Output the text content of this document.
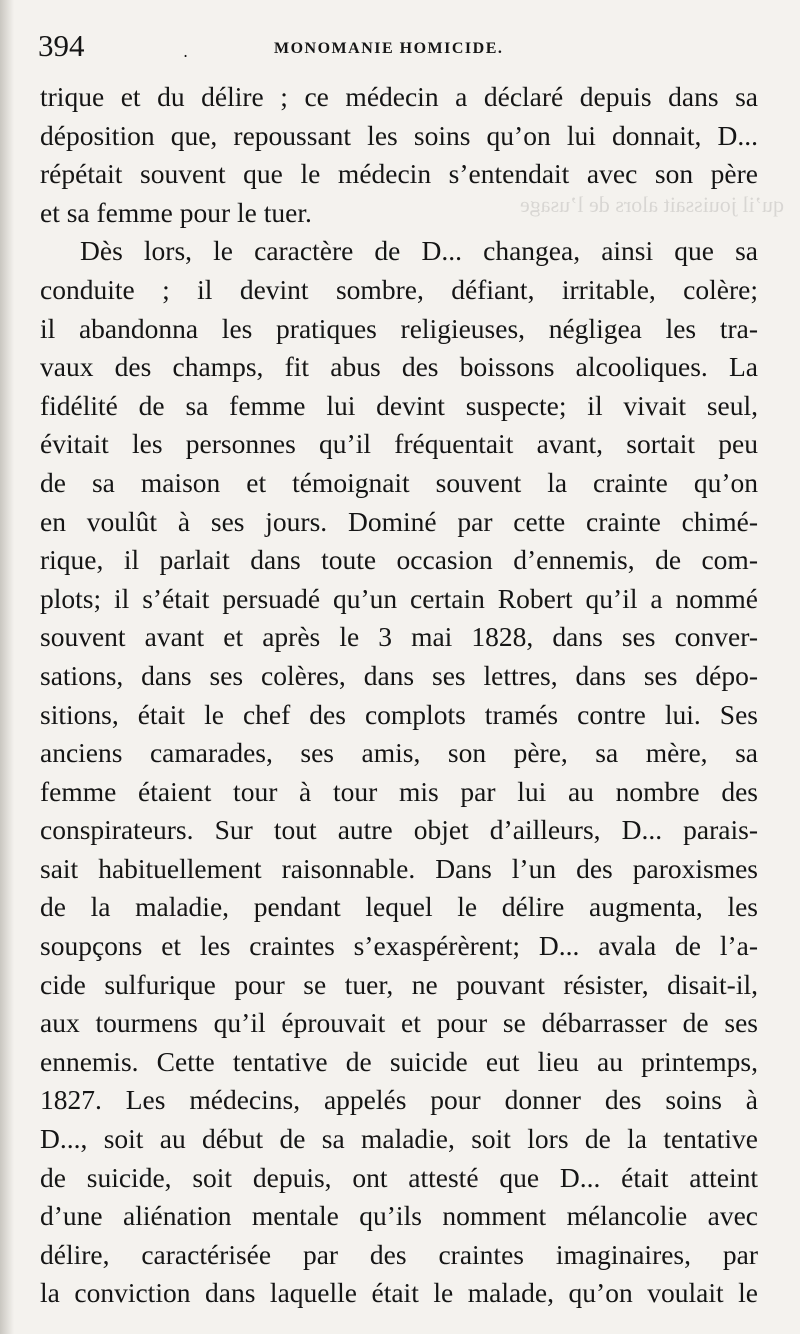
qu’il jouissait alors de l’usage
394	.	MONOMANIE HOMICIDE.
trique et du délire ; ce médecin a déclaré depuis dans sa
déposition que, repoussant les soins qu’on lui donnait, D...
répétait souvent que le médecin s’entendait avec son père
et sa femme pour le tuer.
Dès lors, le caractère de D... changea, ainsi que sa
conduite ; il devint sombre, défiant, irritable, colère;
il abandonna les pratiques religieuses, négligea les tra-
vaux des champs, fit abus des boissons alcooliques. La
fidélité de sa femme lui devint suspecte; il vivait seul,
évitait les personnes qu’il fréquentait avant, sortait peu
de sa maison et témoignait souvent la crainte qu’on
en voulût à ses jours. Dominé par cette crainte chimé-
rique, il parlait dans toute occasion d’ennemis, de com-
plots; il s’était persuadé qu’un certain Robert qu’il a nommé
souvent avant et après le 3 mai 1828, dans ses conver-
sations, dans ses colères, dans ses lettres, dans ses dépo-
sitions, était le chef des complots tramés contre lui. Ses
anciens camarades, ses amis, son père, sa mère, sa
femme étaient tour à tour mis par lui au nombre des
conspirateurs. Sur tout autre objet d’ailleurs, D... parais-
sait habituellement raisonnable. Dans l’un des paroxismes
de la maladie, pendant lequel le délire augmenta, les
soupçons et les craintes s’exaspérèrent; D... avala de l’a-
cide sulfurique pour se tuer, ne pouvant résister, disait-il,
aux tourmens qu’il éprouvait et pour se débarrasser de ses
ennemis. Cette tentative de suicide eut lieu au printemps,
1827. Les médecins, appelés pour donner des soins à
D..., soit au début de sa maladie, soit lors de la tentative
de suicide, soit depuis, ont attesté que D... était atteint
d’une aliénation mentale qu’ils nomment mélancolie avec
délire, caractérisée par des craintes imaginaires, par
la conviction dans laquelle était le malade, qu’on voulait le
